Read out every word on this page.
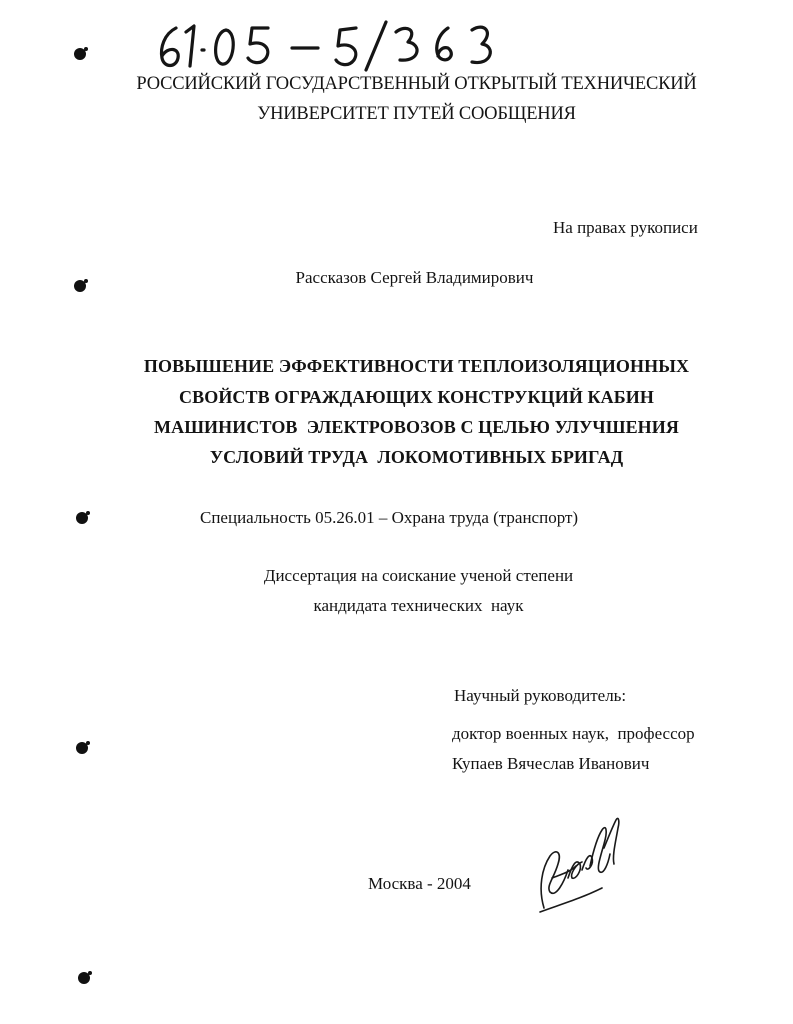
РОССИЙСКИЙ ГОСУДАРСТВЕННЫЙ ОТКРЫТЫЙ ТЕХНИЧЕСКИЙ
УНИВЕРСИТЕТ ПУТЕЙ СООБЩЕНИЯ
На правах рукописи
Рассказов Сергей Владимирович
ПОВЫШЕНИЕ ЭФФЕКТИВНОСТИ ТЕПЛОИЗОЛЯЦИОННЫХ
СВОЙСТВ ОГРАЖДАЮЩИХ КОНСТРУКЦИЙ КАБИН
МАШИНИСТОВ  ЭЛЕКТРОВОЗОВ С ЦЕЛЬЮ УЛУЧШЕНИЯ
УСЛОВИЙ ТРУДА  ЛОКОМОТИВНЫХ БРИГАД
Специальность 05.26.01 – Охрана труда (транспорт)
Диссертация на соискание ученой степени
кандидата технических  наук
Научный руководитель:
доктор военных наук,  профессор
Купаев Вячеслав Иванович
Москва - 2004
